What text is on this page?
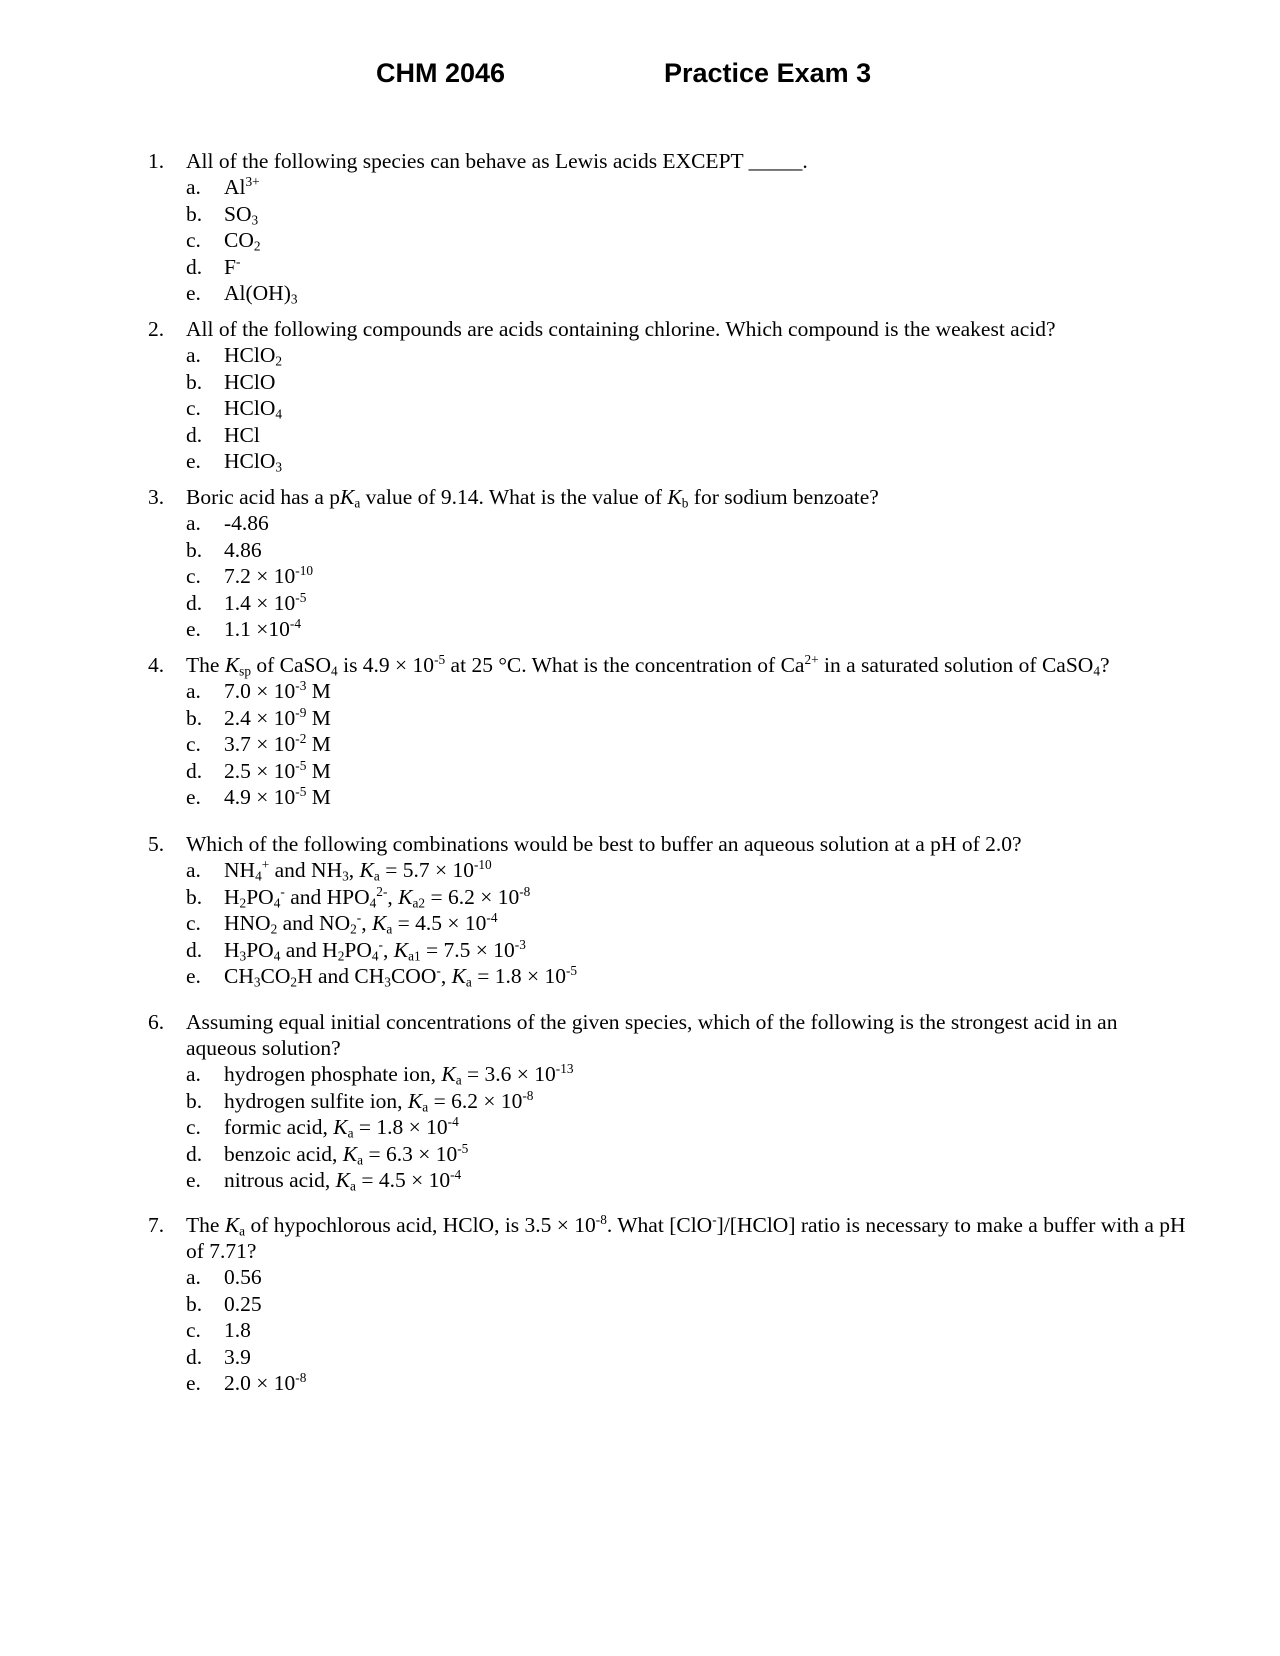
CHM 2046	Practice Exam 3
1.	All of the following species can behave as Lewis acids EXCEPT _____.
a.	$Al^{3+}$
b.	$SO_3$
c.	$CO_2$
d.	F-
e.	$Al(OH)_3$
2.	All of the following compounds are acids containing chlorine. Which compound is the weakest acid?
a.	HClO$_2$
b.	HClO
c.	HClO$_4$
d.	HCl
e.	HClO$_3$
3.	Boric acid has a $pK_a$ value of 9.14. What is the value of $K_b$ for sodium benzoate?
a.	-4.86
b.	4.86
c.	$7.2 \times 10^{-10}$
d.	$1.4 \times 10^{-5}$
e.	$1.1 \times 10^{-4}$
4.	The $K_{sp}$ of CaSO$_4$ is $4.9 \times 10^{-5}$ at 25 °C. What is the concentration of $Ca^{2+}$ in a saturated solution of CaSO$_4$?
a.	$7.0 \times 10^{-3}$ M
b.	$2.4 \times 10^{-9}$ M
c.	$3.7 \times 10^{-2}$ M
d.	$2.5 \times 10^{-5}$ M
e.	$4.9 \times 10^{-5}$ M
5.	Which of the following combinations would be best to buffer an aqueous solution at a pH of 2.0?
a.	$NH_4^+$ and $NH_3$, $K_a = 5.7 \times 10^{-10}$
b.	$H_2PO_4^-$ and $HPO_4^{2-}$, $K_{a2} = 6.2 \times 10^{-8}$
c.	$HNO_2$ and $NO_2^-$, $K_a = 4.5 \times 10^{-4}$
d.	$H_3PO_4$ and $H_2PO_4^-$, $K_{a1} = 7.5 \times 10^{-3}$
e.	$CH_3CO_2H$ and $CH_3COO^-$, $K_a = 1.8 \times 10^{-5}$
6.	Assuming equal initial concentrations of the given species, which of the following is the strongest acid in an aqueous solution?
a.	hydrogen phosphate ion, $K_a = 3.6 \times 10^{-13}$
b.	hydrogen sulfite ion, $K_a = 6.2 \times 10^{-8}$
c.	formic acid, $K_a = 1.8 \times 10^{-4}$
d.	benzoic acid, $K_a = 6.3 \times 10^{-5}$
e.	nitrous acid, $K_a = 4.5 \times 10^{-4}$
7.	The $K_a$ of hypochlorous acid, HClO, is $3.5 \times 10^{-8}$. What [ClO-]/[HClO] ratio is necessary to make a buffer with a pH of 7.71?
a.	0.56
b.	0.25
c.	1.8
d.	3.9
e.	$2.0 \times 10^{-8}$
